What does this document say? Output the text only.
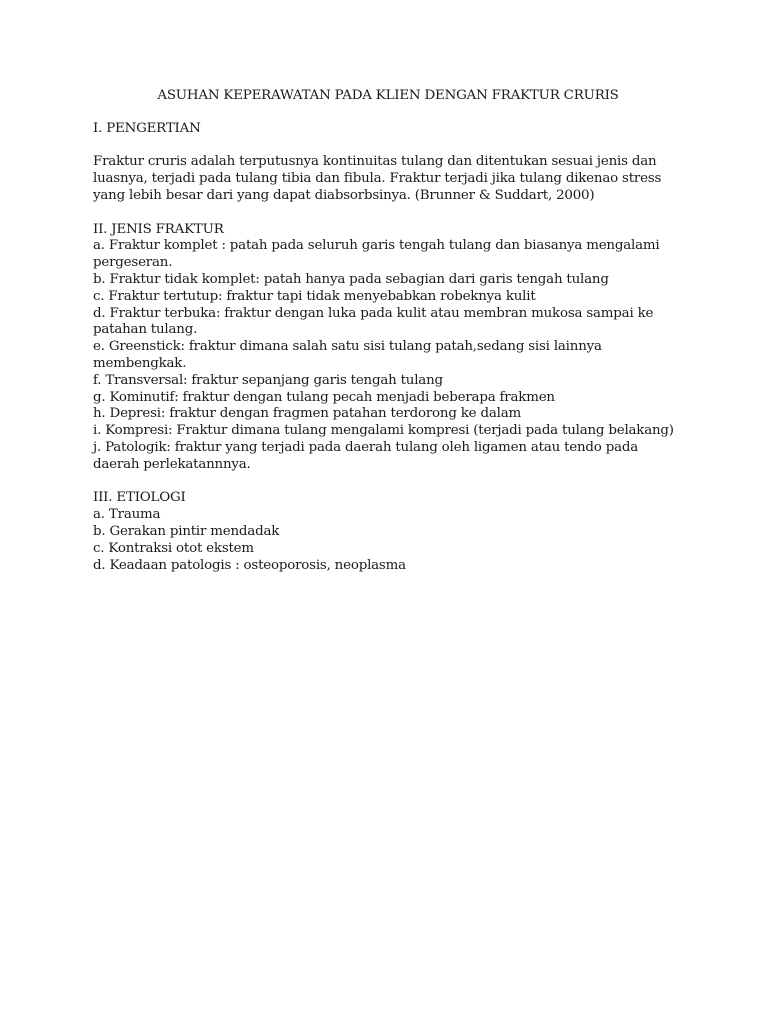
ASUHAN KEPERAWATAN PADA KLIEN DENGAN FRAKTUR CRURIS
I. PENGERTIAN

Fraktur cruris adalah terputusnya kontinuitas tulang dan ditentukan sesuai jenis dan luasnya, terjadi pada tulang tibia dan fibula. Fraktur terjadi jika tulang dikenao stress yang lebih besar dari yang dapat diabsorbsinya. (Brunner & Suddart, 2000)

II. JENIS FRAKTUR
a. Fraktur komplet : patah pada seluruh garis tengah tulang dan biasanya mengalami pergeseran.
b. Fraktur tidak komplet: patah hanya pada sebagian dari garis tengah tulang
c. Fraktur tertutup: fraktur tapi tidak menyebabkan robeknya kulit
d. Fraktur terbuka: fraktur dengan luka pada kulit atau membran mukosa sampai ke patahan tulang.
e. Greenstick: fraktur dimana salah satu sisi tulang patah,sedang sisi lainnya membengkak.
f. Transversal: fraktur sepanjang garis tengah tulang
g. Kominutif: fraktur dengan tulang pecah menjadi beberapa frakmen
h. Depresi: fraktur dengan fragmen patahan terdorong ke dalam
i. Kompresi: Fraktur dimana tulang mengalami kompresi (terjadi pada tulang belakang)
j. Patologik: fraktur yang terjadi pada daerah tulang oleh ligamen atau tendo pada daerah perlekatannnya.
III. ETIOLOGI
a. Trauma
b. Gerakan pintir mendadak
c. Kontraksi otot ekstem
d. Keadaan patologis : osteoporosis, neoplasma
